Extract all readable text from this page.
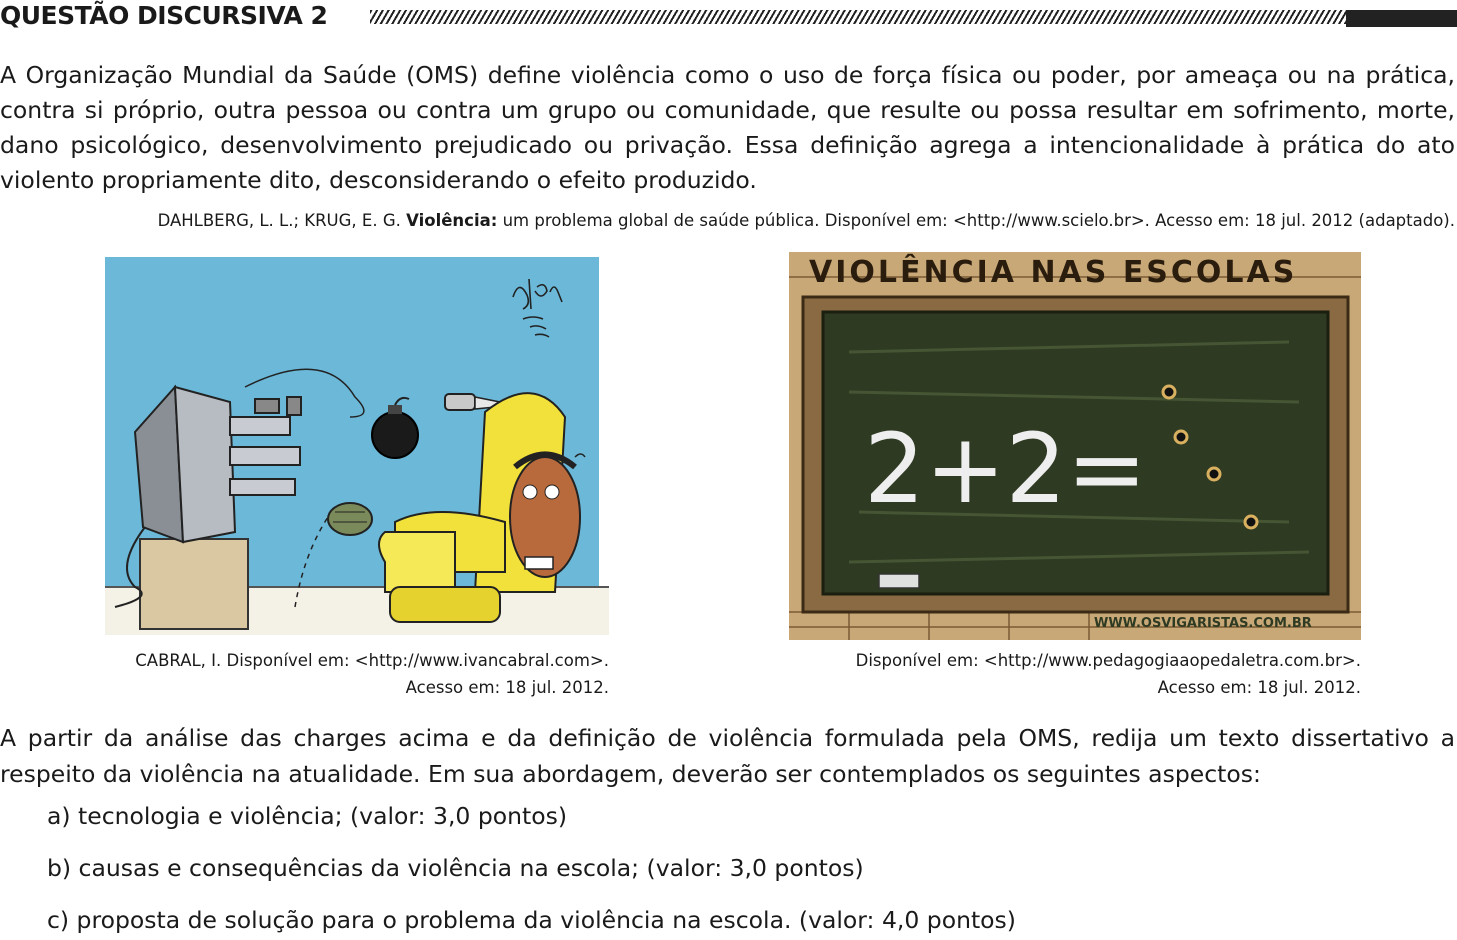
QUESTÃO DISCURSIVA 2
A Organização Mundial da Saúde (OMS) define violência como o uso de força física ou poder, por ameaça ou na prática, contra si próprio, outra pessoa ou contra um grupo ou comunidade, que resulte ou possa resultar em sofrimento, morte, dano psicológico, desenvolvimento prejudicado ou privação. Essa definição agrega a intencionalidade à prática do ato violento propriamente dito, desconsiderando o efeito produzido.
DAHLBERG, L. L.; KRUG, E. G. Violência: um problema global de saúde pública. Disponível em: <http://www.scielo.br>. Acesso em: 18 jul. 2012 (adaptado).
VIOLÊNCIA NAS ESCOLAS
2+2=
WWW.OSVIGARISTAS.COM.BR
CABRAL, I. Disponível em: <http://www.ivancabral.com>.
Acesso em: 18 jul. 2012.
Disponível em: <http://www.pedagogiaaopedaletra.com.br>.
Acesso em: 18 jul. 2012.
A partir da análise das charges acima e da definição de violência formulada pela OMS, redija um texto dissertativo a respeito da violência na atualidade. Em sua abordagem, deverão ser contemplados os seguintes aspectos:
a) tecnologia e violência; (valor: 3,0 pontos)
b) causas e consequências da violência na escola; (valor: 3,0 pontos)
c) proposta de solução para o problema da violência na escola. (valor: 4,0 pontos)
